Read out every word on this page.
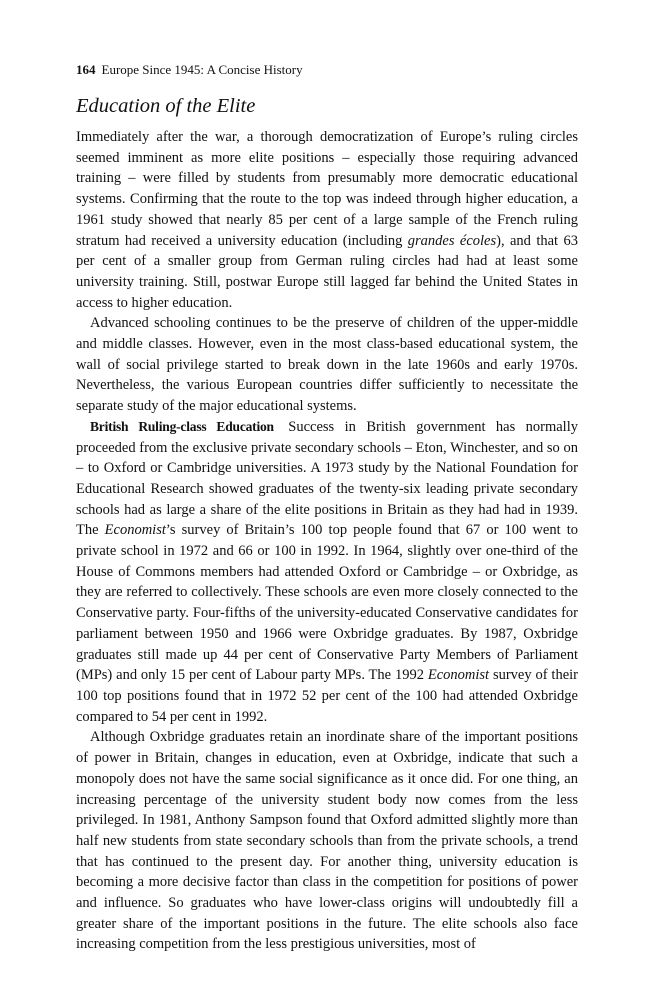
164 Europe Since 1945: A Concise History
Education of the Elite

Immediately after the war, a thorough democratization of Europe’s ruling circles seemed imminent as more elite positions – especially those requiring advanced training – were filled by students from presumably more democratic educational systems. Confirming that the route to the top was indeed through higher education, a 1961 study showed that nearly 85 per cent of a large sample of the French ruling stratum had received a university education (including grandes écoles), and that 63 per cent of a smaller group from German ruling circles had had at least some university training. Still, postwar Europe still lagged far behind the United States in access to higher education.

Advanced schooling continues to be the preserve of children of the upper-middle and middle classes. However, even in the most class-based educational system, the wall of social privilege started to break down in the late 1960s and early 1970s. Nevertheless, the various European countries differ sufficiently to necessitate the separate study of the major educational systems.

British Ruling-class Education Success in British government has normally proceeded from the exclusive private secondary schools – Eton, Winchester, and so on – to Oxford or Cambridge universities. A 1973 study by the National Foundation for Educational Research showed graduates of the twenty-six leading private secondary schools had as large a share of the elite positions in Britain as they had had in 1939. The Economist’s survey of Britain’s 100 top people found that 67 or 100 went to private school in 1972 and 66 or 100 in 1992. In 1964, slightly over one-third of the House of Commons members had attended Oxford or Cambridge – or Oxbridge, as they are referred to collectively. These schools are even more closely connected to the Conservative party. Four-fifths of the university-educated Conservative candidates for parliament between 1950 and 1966 were Oxbridge graduates. By 1987, Oxbridge graduates still made up 44 per cent of Conservative Party Members of Parliament (MPs) and only 15 per cent of Labour party MPs. The 1992 Economist survey of their 100 top positions found that in 1972 52 per cent of the 100 had attended Oxbridge compared to 54 per cent in 1992.

Although Oxbridge graduates retain an inordinate share of the important positions of power in Britain, changes in education, even at Oxbridge, indicate that such a monopoly does not have the same social significance as it once did. For one thing, an increasing percentage of the university student body now comes from the less privileged. In 1981, Anthony Sampson found that Oxford admitted slightly more than half new students from state secondary schools than from the private schools, a trend that has continued to the present day. For another thing, university education is becoming a more decisive factor than class in the competition for positions of power and influence. So graduates who have lower-class origins will undoubtedly fill a greater share of the important positions in the future. The elite schools also face increasing competition from the less prestigious universities, most of
